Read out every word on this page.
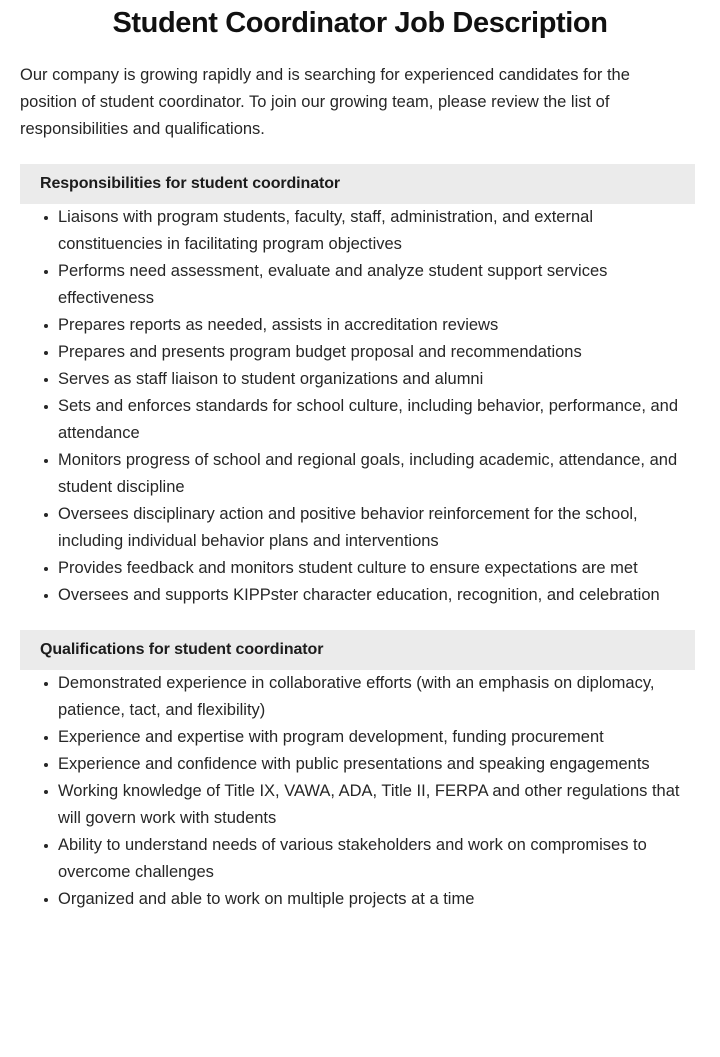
Student Coordinator Job Description

Our company is growing rapidly and is searching for experienced candidates for the position of student coordinator. To join our growing team, please review the list of responsibilities and qualifications.

Responsibilities for student coordinator
Liaisons with program students, faculty, staff, administration, and external constituencies in facilitating program objectives
Performs need assessment, evaluate and analyze student support services effectiveness
Prepares reports as needed, assists in accreditation reviews
Prepares and presents program budget proposal and recommendations
Serves as staff liaison to student organizations and alumni
Sets and enforces standards for school culture, including behavior, performance, and attendance
Monitors progress of school and regional goals, including academic, attendance, and student discipline
Oversees disciplinary action and positive behavior reinforcement for the school, including individual behavior plans and interventions
Provides feedback and monitors student culture to ensure expectations are met
Oversees and supports KIPPster character education, recognition, and celebration
Qualifications for student coordinator
Demonstrated experience in collaborative efforts (with an emphasis on diplomacy, patience, tact, and flexibility)
Experience and expertise with program development, funding procurement
Experience and confidence with public presentations and speaking engagements
Working knowledge of Title IX, VAWA, ADA, Title II, FERPA and other regulations that will govern work with students
Ability to understand needs of various stakeholders and work on compromises to overcome challenges
Organized and able to work on multiple projects at a time
